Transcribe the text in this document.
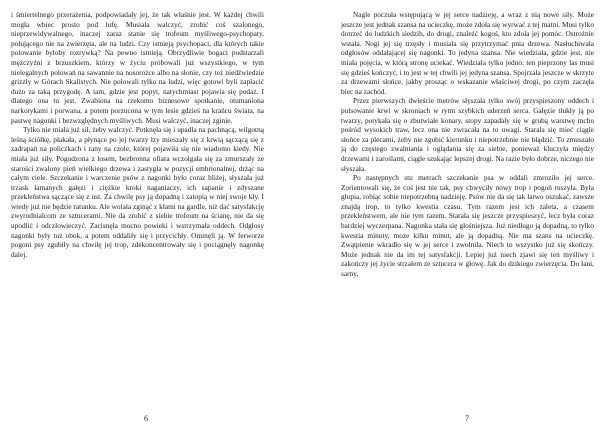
i śmiertelnego przerażenia, podpowiadały jej, że tak właśnie jest. W każdej chwili mogła wbiec prosto pod lufę. Musiała walczyć, zrobić coś szalonego, nieprzewidywalnego, inaczej zaraz stanie się trofeum myśliwego-psychopaty, połującego nie na zwierzęta, ale na ludzi. Czy istnieją psychopaci, dla których takie polowanie byłoby rozrywką? Na pewno istnieją. Obrzydliwie bogaci podstarzali mężczyźni z brzuszkiem, którzy w życiu próbowali już wszystkiego, w tym nielegalnych polowań na sawannie na nosorożce albo na słonie, czy też niedźwiedzie grizzly w Górach Skalistych. Nie polowali tylko na ludzi, więc gotowi byli zapłacić dużo za taką przygodę. A tam, gdzie jest popyt, natychmiast pojawia się podaż. I dlatego ona tu jest. Zwabiona na rzekomo biznesowe spotkanie, otumaniona narkotykami i porwana, a potem porzucona w tym lesie gdzieś na krańcu świata, na pastwę nagonki i bezwzględnych myśliwych. Musi walczyć, inaczej zginie.

Tylko nie miała już sił, żeby walczyć. Potknęła się i upadła na pachnącą, wilgotną leśną ściółkę, płakała, a płynące po jej twarzy łzy mieszały się z krwią sączącą się z zadrapań na policzkach i rany na czole, której pojawiła się nie wiadomo kiedy. Nie miała już siły. Pogodzona z losem, bezbronna ofiara wczołgała się za zmurszały ze starości zwalony pień wielkiego drzewa i zastygła w pozycji embrionalnej, drżąc na całym ciele. Szczekanie i warczenie psów z nagonki było coraz bliżej, słyszała już trzask łamanych gałęzi i ciężkie kroki naganiaczy, ich sapanie i zdyszane przekleństwa sączące się z ust. Za chwilę psy ją dopadną i zatopią w niej swoje kły. I wtedy już nie będzie ratunku. Ale wolała zginąć z kłami na gardle, niż dać satysfakcję zwyrodnialcom ze sztucerami. Nie da zrobić z siebie trofeum na ścianę, nie da się upodlić i odczłowieczyć. Zacisnęła mocno powieki i wstrzymała oddech. Odgłosy nagonki były tuż obok, a potem oddaliły się i przycichły. Ominęli ją. W ferworze pogoni psy zgubiły na chwilę jej trop, zdekoncentrowały się i pociągnęły nagonkę dalej.

6

Nagle poczuła wstępującą w jej serce nadzieję, a wraz z nią nowe siły. Może jeszcze jest jednak szansa na ucieczkę, może zdoła się wyrwać z tej matni. Musi tylko dotrzeć do ludzkich siedzib, do drogi, znaleźć kogoś, kto zdoła jej pomóc. Ostrożnie wstała. Nogi jej się trzęsły i musiała się przytrzymać pnia drzewa. Nasłuchiwała odgłosów oddalającej się nagonki. To jedyna szansa. Nie wiedziała, gdzie jest, nie miała pojęcia, w którą stronę uciekać. Wiedziała tylko jedno: ten pieprzony las musi się gdzieś kończyć, i to jest w tej chwili jej jedyna szansa. Spojrzała jeszcze w skrzyte za drzewami słońce, jakby prosząc o wskazanie właściwej drogi, po czym zaczęła biec na zachód.

Przez pierwszych dwieście metrów słyszała tylko swój przyspieszony oddech i pulsowanie krwi w skroniach w rytm szybkich uderzeń serca. Gałęzie tłukły ją po twarzy, potykała się o zbutwiałe konary, stopy zapadały się w grubą warstwę mchu pośród wysokich traw, lecz ona nie zwracała na to uwagi. Starała się mieć ciągle słońce za plecami, żeby nie zgubić kierunku i niepotrzebnie nie błądzić. To zmuszało ją do częstego zwalniania i oglądania się za siebie, ponieważ kluczyła między drzewami i zaroślami, ciągle szukając lepszej drogi. Na razie było dobrze, niczego nie słyszała.

Po następnych stu metrach szczekanie psa w oddali zmroziło jej serce. Zorientowali się, że coś jest nie tak, psy chwyciły nowy trop i pogoń ruszyła. Była głupia, robiąc sobie niepotrzebną nadzieję. Psów nie da się tak łatwo oszukać, zawsze znajdą trop, to tylko kwestia czasu. Tym razem jest ich zaleta, a czasem przekleństwem, ale nie tym razem. Starała się jeszcze przyspieszyć, lecz była coraz bardziej wyczerpana. Nagonka stała się głośniejsza. Już niedługo ją dopadną, to tylko kwestia minuty, może kilku minut, ale ją dopadną. Nie ma szans na ucieczkę. Zwątpienie wkradło się w jej serce i zwolniła. Niech to wszystko już się skończy. Może jednak nie da im tej satysfakcji. Lepiej już niech zjawi się ten myśliwy i zakończy jej życie strzałem ze sztucera w głowę. Jak do dzikiego zwierzęcia. Do łani, sarny,

7
